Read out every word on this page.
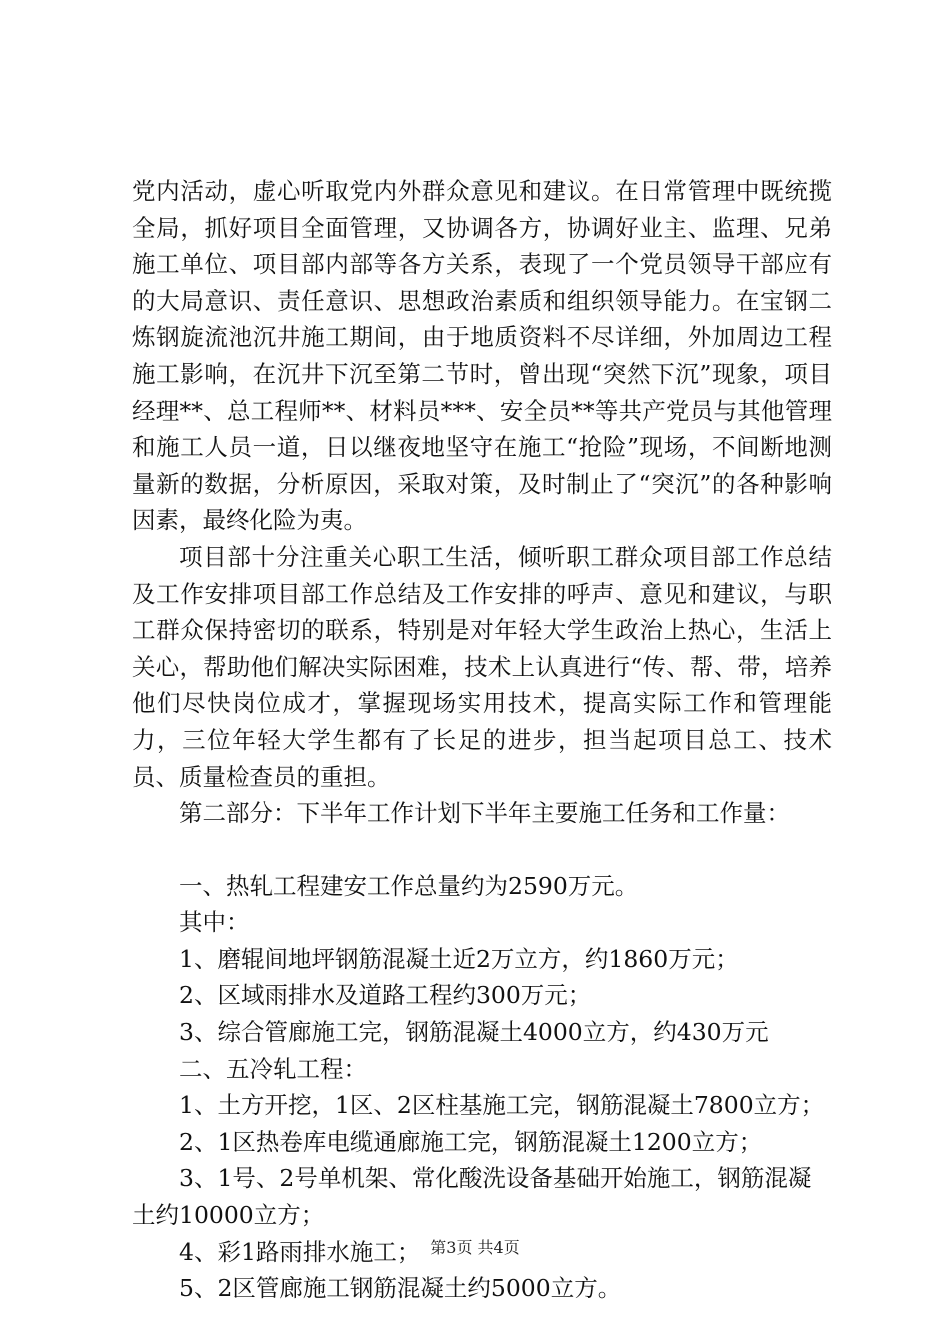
党内活动，虚心听取党内外群众意见和建议。在日常管理中既统揽全局，抓好项目全面管理，又协调各方，协调好业主、监理、兄弟施工单位、项目部内部等各方关系，表现了一个党员领导干部应有的大局意识、责任意识、思想政治素质和组织领导能力。在宝钢二炼钢旋流池沉井施工期间，由于地质资料不尽详细，外加周边工程施工影响，在沉井下沉至第二节时，曾出现“突然下沉”现象，项目经理**、总工程师**、材料员***、安全员**等共产党员与其他管理和施工人员一道，日以继夜地坚守在施工“抢险”现场，不间断地测量新的数据，分析原因，采取对策，及时制止了“突沉”的各种影响因素，最终化险为夷。

项目部十分注重关心职工生活，倾听职工群众项目部工作总结及工作安排项目部工作总结及工作安排的呼声、意见和建议，与职工群众保持密切的联系，特别是对年轻大学生政治上热心，生活上关心，帮助他们解决实际困难，技术上认真进行“传、帮、带，培养他们尽快岗位成才，掌握现场实用技术，提高实际工作和管理能力，三位年轻大学生都有了长足的进步，担当起项目总工、技术员、质量检查员的重担。

第二部分：下半年工作计划下半年主要施工任务和工作量：

一、热轧工程建安工作总量约为2590万元。

其中：

1、磨辊间地坪钢筋混凝土近2万立方，约1860万元；

2、区域雨排水及道路工程约300万元；

3、综合管廊施工完，钢筋混凝土4000立方，约430万元

二、五冷轧工程：

1、土方开挖，1区、2区柱基施工完，钢筋混凝土7800立方；

2、1区热卷库电缆通廊施工完，钢筋混凝土1200立方；

3、1号、2号单机架、常化酸洗设备基础开始施工，钢筋混凝土约10000立方；

4、彩1路雨排水施工；

5、2区管廊施工钢筋混凝土约5000立方。

第3页 共4页
